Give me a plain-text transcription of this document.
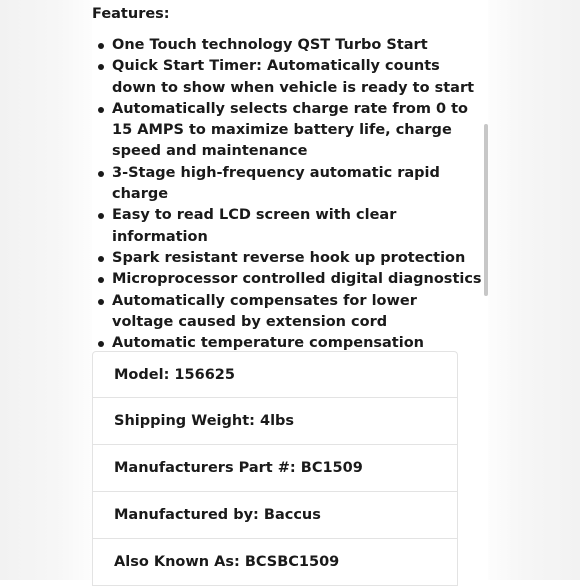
Features:

One Touch technology QST Turbo Start
Quick Start Timer: Automatically counts down to show when vehicle is ready to start
Automatically selects charge rate from 0 to 15 AMPS to maximize battery life, charge speed and maintenance
3-Stage high-frequency automatic rapid charge
Easy to read LCD screen with clear information
Spark resistant reverse hook up protection
Microprocessor controlled digital diagnostics
Automatically compensates for lower voltage caused by extension cord
Automatic temperature compensation
Model: 156625
Shipping Weight: 4lbs
Manufacturers Part #: BC1509
Manufactured by: Baccus
Also Known As: BCSBC1509
